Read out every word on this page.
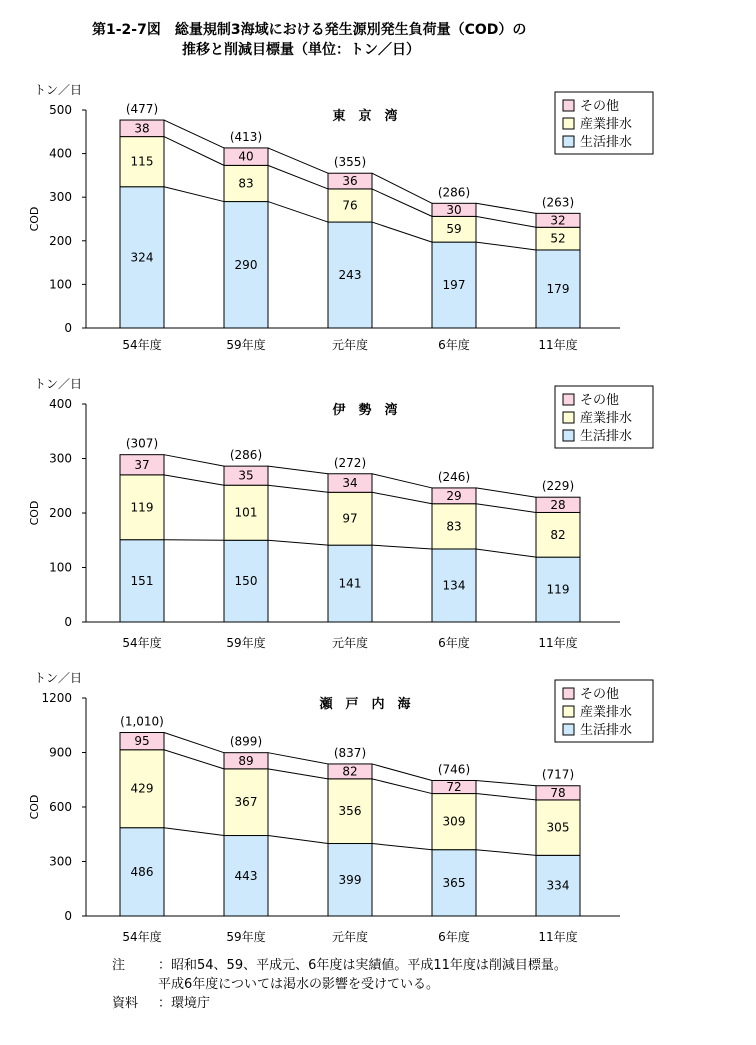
第1-2-7図　総量規制3海域における発生源別発生負荷量（COD）の
推移と削減目標量（単位：トン／日）
トン／日
COD
0
100
200
300
400
500	東　京　湾
324
115
38
(477)
54年度
290
83
40
(413)
59年度
243
76
36
(355)
元年度
197
59
30
(286)
6年度
179
52
32
(263)
11年度
その他
産業排水
生活排水
トン／日
COD
0
100
200
300
400	伊　勢　湾
151
119
37
(307)
54年度
150
101
35
(286)
59年度
141
97
34
(272)
元年度
134
83
29
(246)
6年度
119
82
28
(229)
11年度
その他
産業排水
生活排水
トン／日
COD
0
300
600
900
1200	瀬　戸　内　海
486
429
95
(1,010)
54年度
443
367
89
(899)
59年度
399
356
82
(837)
元年度
365
309
72
(746)
6年度
334
305
78
(717)
11年度
その他
産業排水
生活排水
注	：昭和54、59、平成元、6年度は実績値。平成11年度は削減目標量。
平成6年度については渇水の影響を受けている。
資料	：環境庁
